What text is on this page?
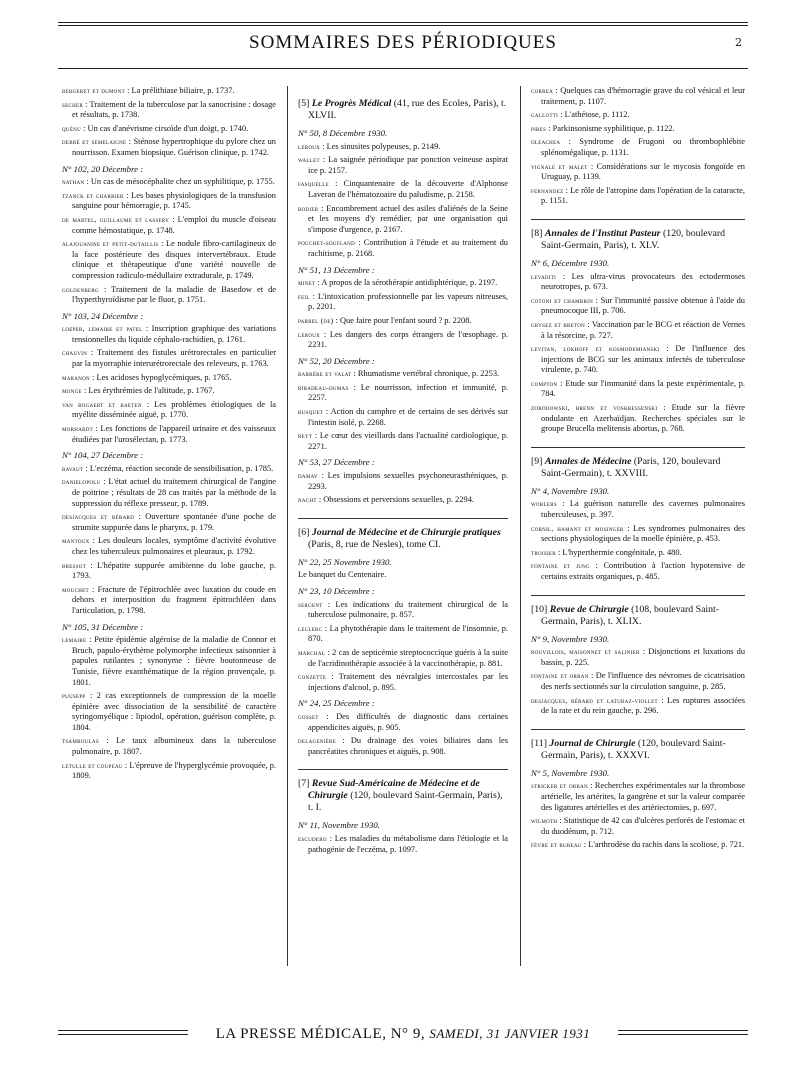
SOMMAIRES DES PÉRIODIQUES	2

bergeret et dumont : La prélithiase biliaire, p. 1737.

secher : Traitement de la tuberculose par la sanocrisine : dosage et résultats, p. 1738.

quénu : Un cas d'anévrisme cirsoïde d'un doigt, p. 1740.

debré et semelaigne : Sténose hypertrophique du pylore chez un nourrisson. Examen biopsique. Guérison clinique, p. 1742.

N° 102, 20 Décembre :

nathan : Un cas de mésocéphalite chez un syphilitique, p. 1755.

tzanck et charrier : Les bases physiologiques de la transfusion sanguine pour hémorragie, p. 1745.

de martel, guillaume et lassery : L'emploi du muscle d'oiseau comme hémostatique, p. 1748.

alajouanine et petit-dutaillis : Le nodule fibro-cartilagineux de la face postérieure des disques intervertébraux. Etude clinique et thérapeutique d'une variété nouvelle de compression radiculo-médullaire extradurale, p. 1749.

goldenberg : Traitement de la maladie de Basedow et de l'hyperthyroïdisme par le fluor, p. 1751.

N° 103, 24 Décembre :

loeper, lemaire et patel : Inscription graphique des variations tensionnelles du liquide céphalo-rachidien, p. 1761.

chauvin : Traitement des fistules urétrorectales en particulier par la myorraphie interurétrorectale des releveurs, p. 1763.

maranon : Les acidoses hypoglycémiques, p. 1765.

monge : Les érythrémies de l'altitude, p. 1767.

van bogaert et baeten : Les problèmes étiologiques de la myélite disséminée aiguë, p. 1770.

morhardt : Les fonctions de l'appareil urinaire et des vaisseaux étudiées par l'urosélectan, p. 1773.

N° 104, 27 Décembre :

ravaut : L'eczéma, réaction seconde de sensibilisation, p. 1785.

danielopolu : L'état actuel du traitement chirurgical de l'angine de poitrine ; résultats de 28 cas traités par la méthode de la suppression du réflexe presseur, p. 1789.

desjacques et bérard : Ouverture spontanée d'une poche de strumite suppurée dans le pharynx, p. 179.

mantoux : Les douleurs locales, symptôme d'activité évolutive chez les tuberculeux pulmonaires et pleuraux, p. 1792.

bressot : L'hépatite suppurée amibienne du lobe gauche, p. 1793.

mouchet : Fracture de l'épitrochlée avec luxation du coude en dehors et interposition du fragment épitrochléen dans l'articulation, p. 1798.

N° 105, 31 Décembre :

lemaire : Petite épidémie algéroise de la maladie de Connor et Bruch, papulo-érythème polymorphe infectieux saisonnier à papules rutilantes ; synonyme : fièvre boutonneuse de Tunisie, fièvre exanthématique de la région provençale, p. 1801.

puusepp : 2 cas exceptionnels de compression de la moelle épinière avec dissociation de la sensibilité de caractère syringomyélique : lipiodol, opération, guérison complète, p. 1804.

tsamboulas : Le taux albumineux dans la tuberculose pulmonaire, p. 1807.

letulle et coupeau : L'épreuve de l'hyperglycémie provoquée, p. 1809.

[5] Le Progrès Médical (41, rue des Ecoles, Paris), t. XLVII.
N° 50, 8 Décembre 1930.

leroux : Les sinusites polypeuses, p. 2149.

wallet : La saignée périodique par ponction veineuse aspirat ice p. 2157.

fasquelle : Cinquantenaire de la découverte d'Alphonse Laveran de l'hématozoaire du paludisme, p. 2158.

bodier : Encombrement actuel des asiles d'aliénés de la Seine et les moyens d'y remédier, par une organisation qui s'impose d'urgence, p. 2167.

pouchet-soufland : Contribution à l'étude et au traitement du rachitisme, p. 2168.

N° 51, 13 Décembre :

minet : A propos de la sérothérapie antidiphtérique, p. 2197.

feil : L'intoxication professionnelle par les vapeurs nitreuses, p. 2201.

parrel (de) : Que faire pour l'enfant sourd ? p. 2208.

leroux : Les dangers des corps étrangers de l'œsophage. p. 2231.

N° 52, 20 Décembre :

barrère et valat : Rhumatisme vertébral chronique, p. 2253.

ribadeau-dumas : Le nourrisson, infection et immunité, p. 2257.

busquet : Action du camphre et de certains de ses dérivés sur l'intestin isolé, p. 2268.

reyt : Le cœur des vieillards dans l'actualité cardiologique, p. 2271.

N° 53, 27 Décembre :

damay : Les impulsions sexuelles psychoneurasthéniques, p. 2293.

nacht : Obsessions et perversions sexuelles, p. 2294.

[6] Journal de Médecine et de Chirurgie pratiques (Paris, 8, rue de Nesles), tome CI.
N° 22, 25 Novembre 1930.
Le banquet du Centenaire.
N° 23, 10 Décembre :

sergent : Les indications du traitement chirurgical de la tuberculose pulmonaire, p. 857.

leclerc : La phytothérapie dans le traitement de l'insomnie, p. 870.

marchal : 2 cas de septicémie streptococcique guéris à la suite de l'acridinothérapie associée à la vaccinothérapie, p. 881.

conzette : Traitement des névralgies intercostales par les injections d'alcool, p. 895.

N° 24, 25 Décembre :

gosset : Des difficultés de diagnostic dans certaines appendicites aiguës, p. 905.

delagenière : Du drainage des voies biliaires dans les pancréatites chroniques et aiguës, p. 908.

[7] Revue Sud-Américaine de Médecine et de Chirurgie (120, boulevard Saint-Germain, Paris), t. I.
N° 11, Novembre 1930.

escudero : Les maladies du métabolisme dans l'étiologie et la pathogénie de l'eczéma, p. 1097.

correa : Quelques cas d'hémorragie grave du col vésical et leur traitement, p. 1107.

gallotti : L'athétose, p. 1112.

pires : Parkinsonisme syphilitique, p. 1122.

oleachea : Syndrome de Frugoni ou thrombophlébite splénomégalique, p. 1131.

vignale et malet : Considérations sur le mycosis fongoïde en Uruguay, p. 1139.

fernandez : Le rôle de l'atropine dans l'opération de la cataracte, p. 1151.

[8] Annales de l'Institut Pasteur (120, boulevard Saint-Germain, Paris), t. XLV.
N° 6, Décembre 1930.

levaditi : Les ultra-virus provocateurs des ectodermoses neurotropes, p. 673.

cotoni et chambrin : Sur l'immunité passive obtenue à l'aide du pneumocoque III, p. 706.

grysez et breton : Vaccination par le BCG et réaction de Vernes à la résorcine, p. 727.

levitan, lokhoff et kosmodemianski : De l'influence des injections de BCG sur les animaux infectés de tuberculose virulente, p. 740.

compton : Etude sur l'immunité dans la peste expérimentale, p. 784.

zorodowski, brenn et voskressenski : Etude sur la fièvre ondulante en Azerbaïdjan. Recherches spéciales sur le groupe Brucella melitensis abortus, p. 768.

[9] Annales de Médecine (Paris, 120, boulevard Saint-Germain), t. XXVIII.
N° 4, Novembre 1930.

woblers : La guérison naturelle des cavernes pulmonaires tuberculeuses, p. 397.

cornil, hamant et mosinger : Les syndromes pulmonaires des sections physiologiques de la moelle épinière, p. 453.

troisier : L'hyperthermie congénitale, p. 480.

fontaine et jung : Contribution à l'action hypotensive de certains extraits organiques, p. 485.

[10] Revue de Chirurgie (108, boulevard Saint-Germain, Paris), t. XLIX.
N° 9, Novembre 1930.

rouvillois, maisonnet et salinier : Disjonctions et luxations du bassin, p. 225.

fontaine et orban : De l'influence des névromes de cicatrisation des nerfs sectionnés sur la circulation sanguine, p. 285.

desjacques, bérard et laturaz-viollet : Les ruptures associées de la rate et du rein gauche, p. 296.

[11] Journal de Chirurgie (120, boulevard Saint-Germain, Paris), t. XXXVI.
N° 5, Novembre 1930.

stricker et orban : Recherches expérimentales sur la thrombose artérielle, les artérites, la gangrène et sur la valeur comparée des ligatures artérielles et des artériectomies, p. 697.

wilmoth : Statistique de 42 cas d'ulcères perforés de l'estomac et du duodénum, p. 712.

fèvre et bureau : L'arthrodèse du rachis dans la scoliose, p. 721.

LA PRESSE MÉDICALE, N° 9, SAMEDI, 31 JANVIER 1931
